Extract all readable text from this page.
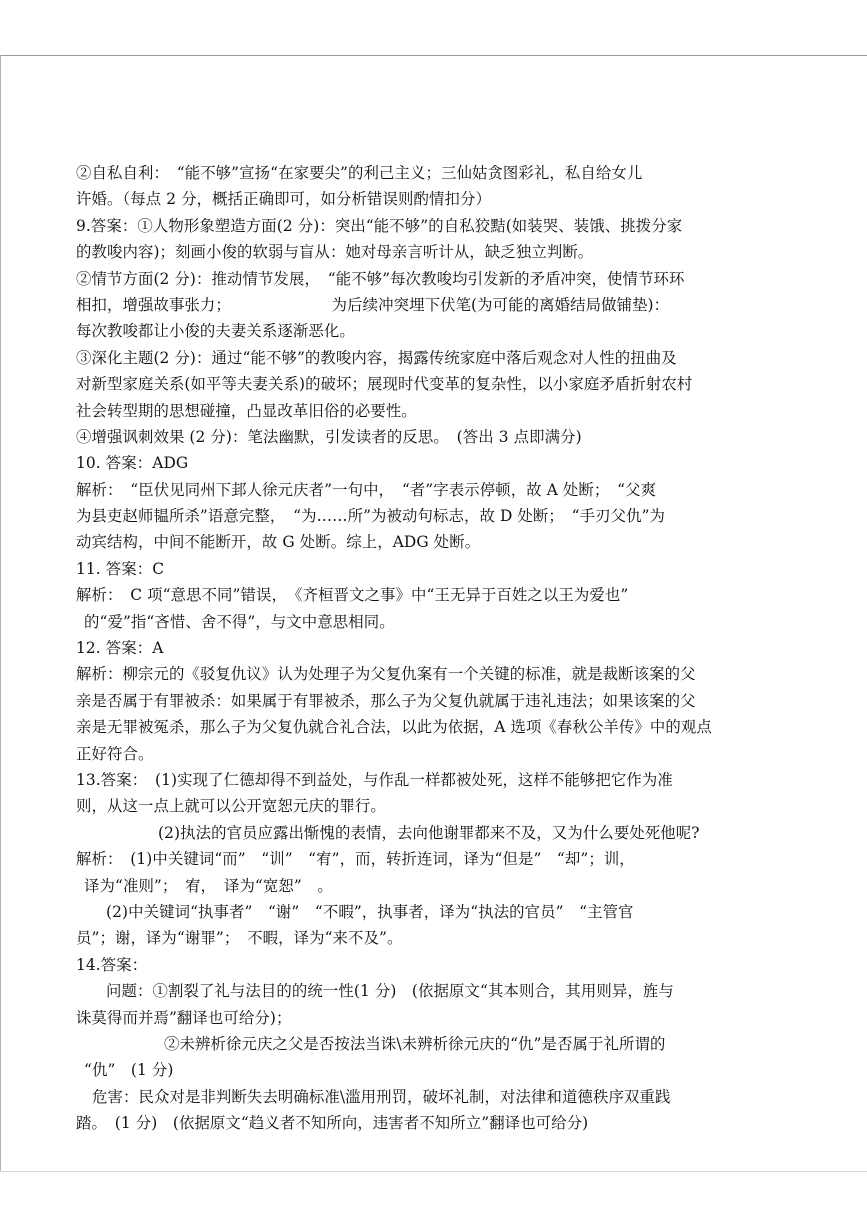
②自私自利：　“能不够”宣扬“在家要尖”的利己主义；三仙姑贪图彩礼，私自给女儿
许婚。（每点 2 分，概括正确即可，如分析错误则酌情扣分）
9.答案：①人物形象塑造方面(2 分)：突出“能不够”的自私狡黠(如装哭、装饿、挑拨分家
的教唆内容)；刻画小俊的软弱与盲从：她对母亲言听计从，缺乏独立判断。
②情节方面(2 分)：推动情节发展，　“能不够”每次教唆均引发新的矛盾冲突，使情节环环
相扣，增强故事张力；　　　　　　　为后续冲突埋下伏笔(为可能的离婚结局做铺垫)：
每次教唆都让小俊的夫妻关系逐渐恶化。
③深化主题(2 分)：通过“能不够”的教唆内容，揭露传统家庭中落后观念对人性的扭曲及
对新型家庭关系(如平等夫妻关系)的破坏；展现时代变革的复杂性，以小家庭矛盾折射农村
社会转型期的思想碰撞，凸显改革旧俗的必要性。
④增强讽刺效果 (2 分)：笔法幽默，引发读者的反思。　(答出 3 点即满分)
10. 答案：ADG
解析：　“臣伏见同州下邽人徐元庆者”一句中，　“者”字表示停顿，故 A 处断；　“父爽
为县吏赵师韫所杀”语意完整，　“为……所”为被动句标志，故 D 处断；　“手刃父仇”为
动宾结构，中间不能断开，故 G 处断。综上，ADG 处断。
11. 答案：C
解析：　C 项“意思不同”错误，　《齐桓晋文之事》中“王无异于百姓之以王为爱也”
的“爱”指“吝惜、舍不得”，与文中意思相同。
12. 答案：A
解析：柳宗元的《驳复仇议》认为处理子为父复仇案有一个关键的标准，就是裁断该案的父
亲是否属于有罪被杀：如果属于有罪被杀，那么子为父复仇就属于违礼违法；如果该案的父
亲是无罪被冤杀，那么子为父复仇就合礼合法，以此为依据，A 选项《春秋公羊传》中的观点
正好符合。
13.答案：　(1)实现了仁德却得不到益处，与作乱一样都被处死，这样不能够把它作为准
则，从这一点上就可以公开宽恕元庆的罪行。
(2)执法的官员应露出惭愧的表情，去向他谢罪都来不及，又为什么要处死他呢?
解析：　(1)中关键词“而”　“训”　“宥”，而，转折连词，译为“但是”　“却”；训，
译为“准则”；　宥，　译为“宽恕”　。
(2)中关键词“执事者”　“谢”　“不暇”，执事者，译为“执法的官员”　“主管官
员”；谢，译为“谢罪”；　不暇，译为“来不及”。
14.答案：
问题：①割裂了礼与法目的的统一性(1 分)　(依据原文“其本则合，其用则异，旌与
诛莫得而并焉”翻译也可给分)；
②未辨析徐元庆之父是否按法当诛\未辨析徐元庆的“仇”是否属于礼所谓的
“仇”　(1 分)
危害：民众对是非判断失去明确标准\滥用刑罚，破坏礼制，对法律和道德秩序双重践
踏。　(1 分)　(依据原文“趋义者不知所向，违害者不知所立”翻译也可给分)
